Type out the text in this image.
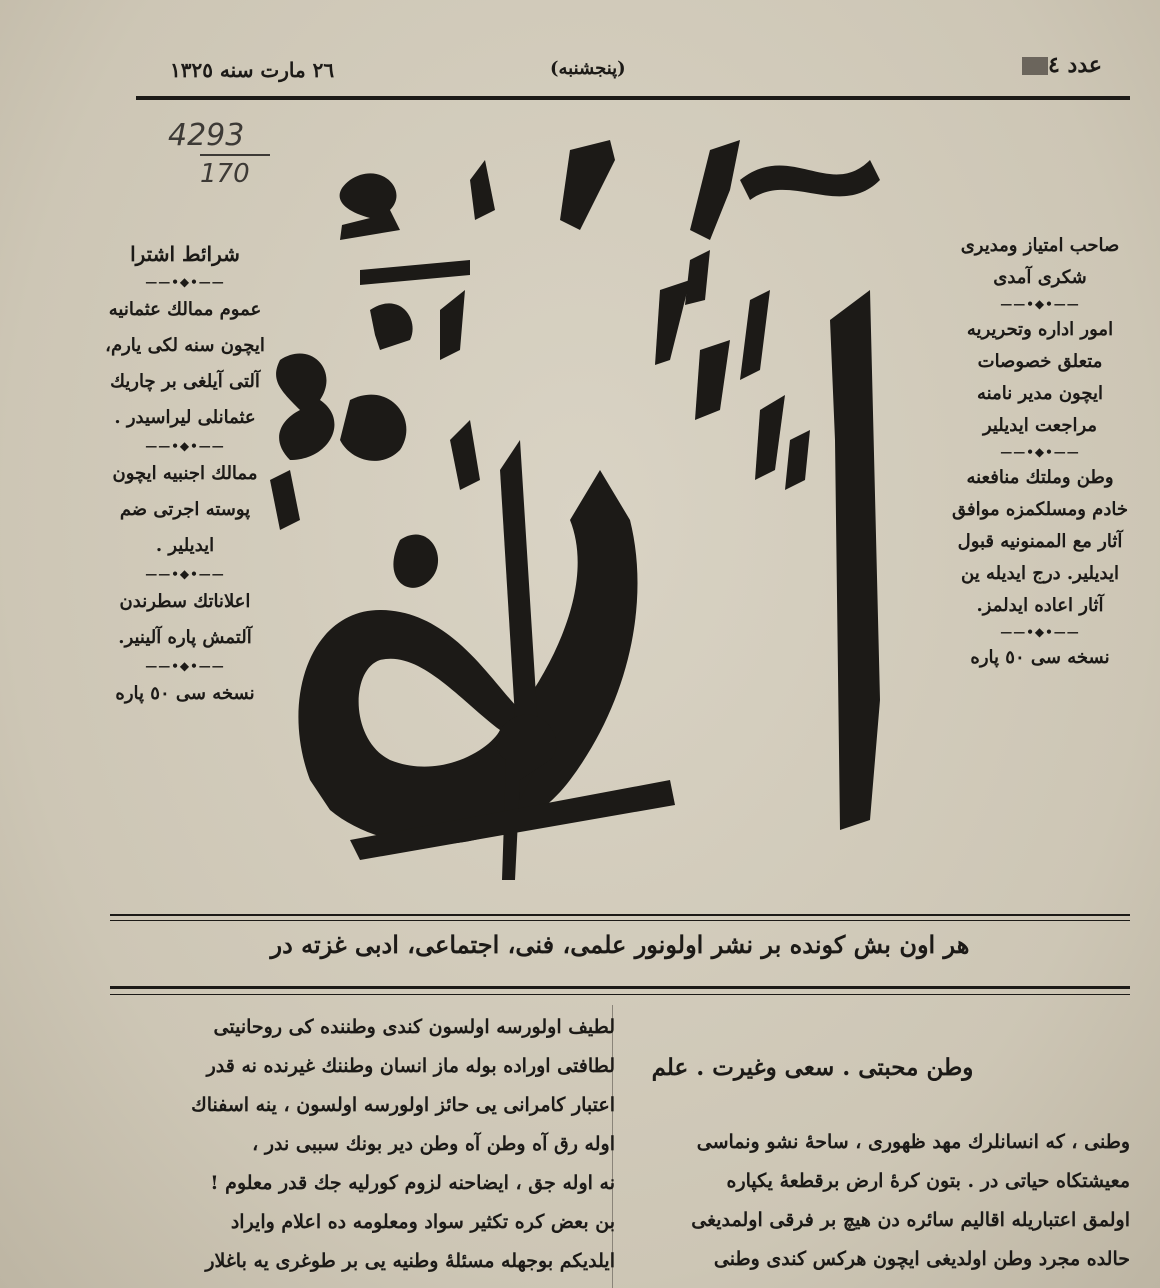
عدد ٤
(پنجشنبه)
٢٦ مارت سنه ١٣٢٥
4293
170
شرائط اشترا
——•◆•——

عموم ممالك عثمانيه

ايچون سنه لكى يارم،

آلتى آيلغى بر چاريك

عثمانلى ليراسيدر .

——•◆•——

ممالك اجنبيه ايچون

پوسته اجرتى ضم

ايديلير .

——•◆•——

اعلاناتك سطرندن

آلتمش پاره آلينير.

——•◆•——

نسخه سى ٥٠ پاره

صاحب امتياز ومديرى

شكرى آمدى

——•◆•——

امور اداره وتحريريه

متعلق خصوصات

ايچون مدير نامنه

مراجعت ايديلير

——•◆•——

وطن وملتك منافعنه

خادم ومسلكمزه موافق

آثار مع الممنونيه قبول

ايديلير. درج ايديله ين

آثار اعاده ايدلمز.

——•◆•——

نسخه سى ٥٠ پاره

هر اون بش كونده بر نشر اولونور علمى، فنى، اجتماعى، ادبى غزته در
وطن محبتى . سعى وغيرت . علم

وطنى ، كه انسانلرك مهد ظهورى ، ساحهٔ نشو ونماسى

معيشتكاه حياتى در . بتون كرهٔ ارض برقطعهٔ يكپاره

اولمق اعتباريله اقاليم سائره دن هيچ بر فرقى اولمديغى

حالده مجرد وطن اولديغى ايچون هركس كندى وطنى

لطيف اولورسه اولسون كندى وطننده كى روحانيتى

لطافتى اوراده بوله ماز انسان وطننك غيرنده نه قدر

اعتبار كامرانى يى حائز اولورسه اولسون ، ينه اسفناك

اوله رق آه وطن آه وطن دير بونك سببى ندر ،

نه اوله جق ، ايضاحنه لزوم كورليه جك قدر معلوم !

بن بعض كره تكثير سواد ومعلومه ده اعلام وايراد

ايلديكم بوجهله مسئلهٔ وطنيه يى بر طوغرى يه باغلار
